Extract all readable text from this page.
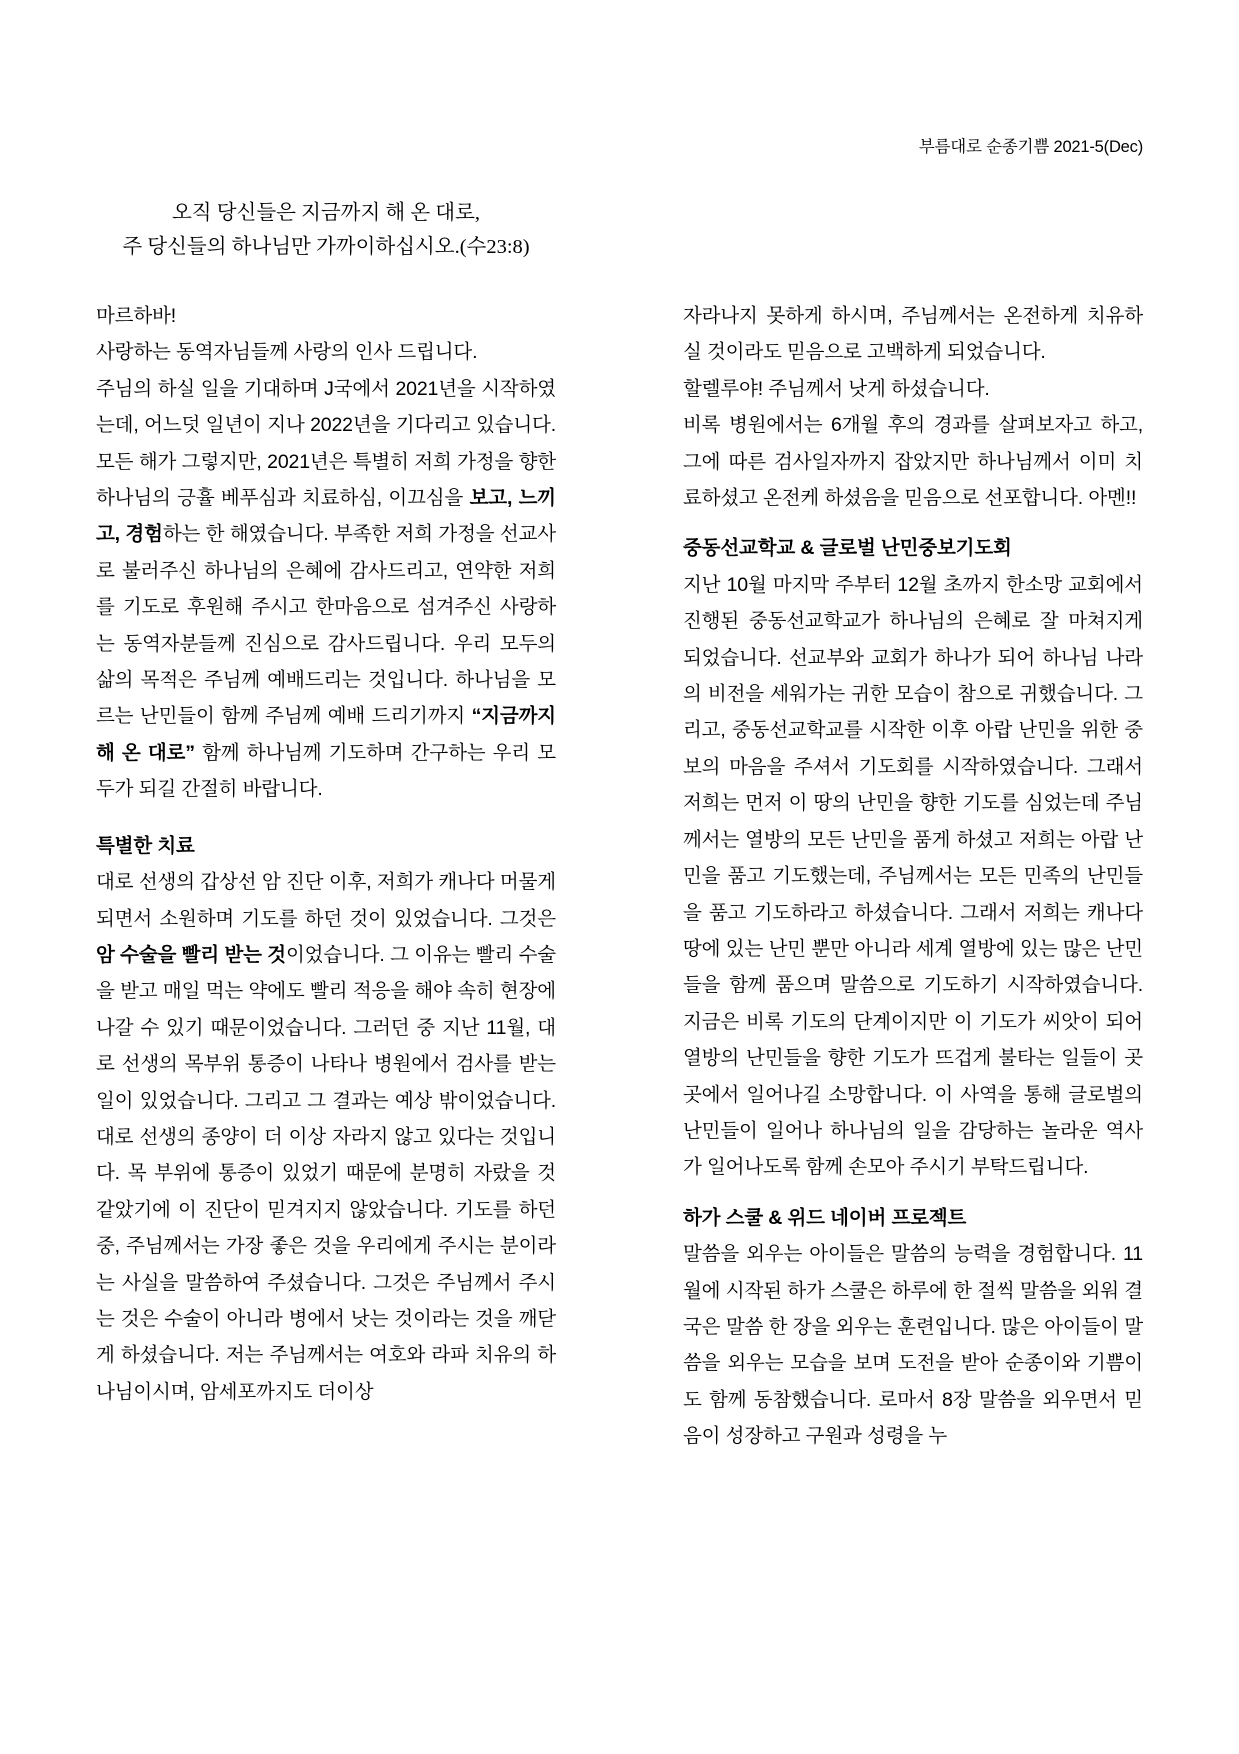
부름대로 순종기쁨 2021-5(Dec)
오직 당신들은 지금까지 해 온 대로,
주 당신들의 하나님만 가까이하십시오.(수23:8)

마르하바!

사랑하는 동역자님들께 사랑의 인사 드립니다.

주님의 하실 일을 기대하며 J국에서 2021년을 시작하였는데, 어느덧 일년이 지나 2022년을 기다리고 있습니다. 모든 해가 그렇지만, 2021년은 특별히 저희 가정을 향한 하나님의 긍휼 베푸심과 치료하심, 이끄심을 보고, 느끼고, 경험하는 한 해였습니다. 부족한 저희 가정을 선교사로 불러주신 하나님의 은혜에 감사드리고, 연약한 저희를 기도로 후원해 주시고 한마음으로 섬겨주신 사랑하는 동역자분들께 진심으로 감사드립니다. 우리 모두의 삶의 목적은 주님께 예배드리는 것입니다. 하나님을 모르는 난민들이 함께 주님께 예배 드리기까지 “지금까지 해 온 대로” 함께 하나님께 기도하며 간구하는 우리 모두가 되길 간절히 바랍니다.

특별한 치료

대로 선생의 갑상선 암 진단 이후, 저희가 캐나다 머물게 되면서 소원하며 기도를 하던 것이 있었습니다. 그것은 암 수술을 빨리 받는 것이었습니다. 그 이유는 빨리 수술을 받고 매일 먹는 약에도 빨리 적응을 해야 속히 현장에 나갈 수 있기 때문이었습니다. 그러던 중 지난 11월, 대로 선생의 목부위 통증이 나타나 병원에서 검사를 받는 일이 있었습니다. 그리고 그 결과는 예상 밖이었습니다. 대로 선생의 종양이 더 이상 자라지 않고 있다는 것입니다. 목 부위에 통증이 있었기 때문에 분명히 자랐을 것 같았기에 이 진단이 믿겨지지 않았습니다. 기도를 하던 중, 주님께서는 가장 좋은 것을 우리에게 주시는 분이라는 사실을 말씀하여 주셨습니다. 그것은 주님께서 주시는 것은 수술이 아니라 병에서 낫는 것이라는 것을 깨닫게 하셨습니다. 저는 주님께서는 여호와 라파 치유의 하나님이시며, 암세포까지도 더이상

자라나지 못하게 하시며, 주님께서는 온전하게 치유하실 것이라도 믿음으로 고백하게 되었습니다.

할렐루야! 주님께서 낫게 하셨습니다.

비록 병원에서는 6개월 후의 경과를 살펴보자고 하고, 그에 따른 검사일자까지 잡았지만 하나님께서 이미 치료하셨고 온전케 하셨음을 믿음으로 선포합니다. 아멘!!

중동선교학교 & 글로벌 난민중보기도회

지난 10월 마지막 주부터 12월 초까지 한소망 교회에서 진행된 중동선교학교가 하나님의 은혜로 잘 마쳐지게 되었습니다. 선교부와 교회가 하나가 되어 하나님 나라의 비전을 세워가는 귀한 모습이 참으로 귀했습니다. 그리고, 중동선교학교를 시작한 이후 아랍 난민을 위한 중보의 마음을 주셔서 기도회를 시작하였습니다. 그래서 저희는 먼저 이 땅의 난민을 향한 기도를 심었는데 주님께서는 열방의 모든 난민을 품게 하셨고 저희는 아랍 난민을 품고 기도했는데, 주님께서는 모든 민족의 난민들을 품고 기도하라고 하셨습니다. 그래서 저희는 캐나다 땅에 있는 난민 뿐만 아니라 세계 열방에 있는 많은 난민들을 함께 품으며 말씀으로 기도하기 시작하였습니다. 지금은 비록 기도의 단계이지만 이 기도가 씨앗이 되어 열방의 난민들을 향한 기도가 뜨겁게 불타는 일들이 곳곳에서 일어나길 소망합니다. 이 사역을 통해 글로벌의 난민들이 일어나 하나님의 일을 감당하는 놀라운 역사가 일어나도록 함께 손모아 주시기 부탁드립니다.

하가 스쿨 & 위드 네이버 프로젝트

말씀을 외우는 아이들은 말씀의 능력을 경험합니다. 11월에 시작된 하가 스쿨은 하루에 한 절씩 말씀을 외워 결국은 말씀 한 장을 외우는 훈련입니다. 많은 아이들이 말씀을 외우는 모습을 보며 도전을 받아 순종이와 기쁨이도 함께 동참했습니다. 로마서 8장 말씀을 외우면서 믿음이 성장하고 구원과 성령을 누
